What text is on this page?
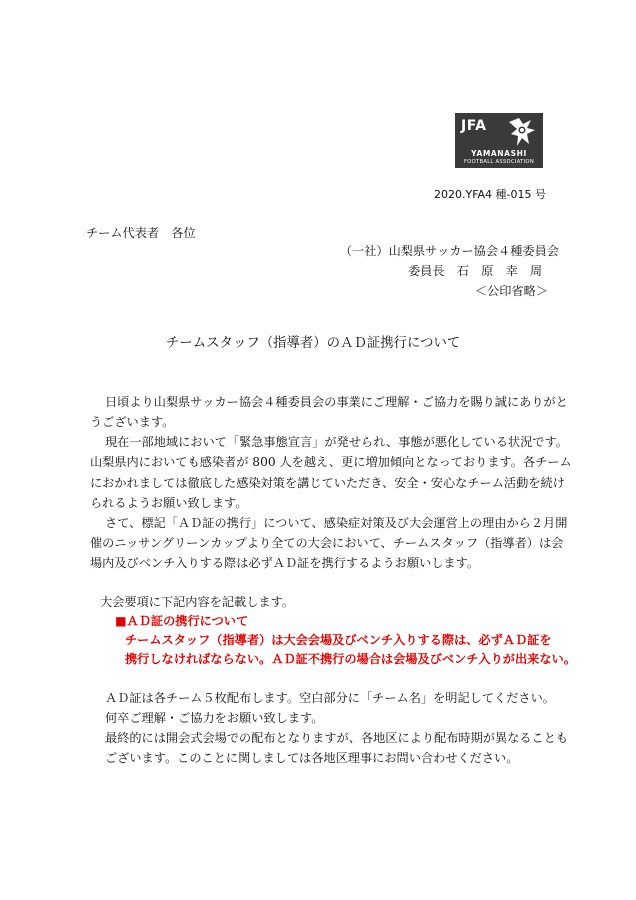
JFA
YAMANASHI
FOOTBALL ASSOCIATION
2020.YFA4 種-015 号
チーム代表者　各位
（一社）山梨県サッカー協会４種委員会
委員長　石　原　幸　周
＜公印省略＞
チームスタッフ（指導者）のＡＤ証携行について
日頃より山梨県サッカー協会４種委員会の事業にご理解・ご協力を賜り誠にありがと
うございます。
現在一部地域において「緊急事態宣言」が発せられ、事態が悪化している状況です。
山梨県内においても感染者が 800 人を越え、更に増加傾向となっております。各チーム
におかれましては徹底した感染対策を講じていただき、安全・安心なチーム活動を続け
られるようお願い致します。
さて、標記「ＡＤ証の携行」について、感染症対策及び大会運営上の理由から２月開
催のニッサングリーンカップより全ての大会において、チームスタッフ（指導者）は会
場内及びベンチ入りする際は必ずＡＤ証を携行するようお願いします。
大会要項に下記内容を記載します。
■ＡＤ証の携行について
チームスタッフ（指導者）は大会会場及びベンチ入りする際は、必ずＡＤ証を
携行しなければならない。ＡＤ証不携行の場合は会場及びベンチ入りが出来ない。
ＡＤ証は各チーム５枚配布します。空白部分に「チーム名」を明記してください。
何卒ご理解・ご協力をお願い致します。
最終的には開会式会場での配布となりますが、各地区により配布時期が異なることも
ございます。このことに関しましては各地区理事にお問い合わせください。
